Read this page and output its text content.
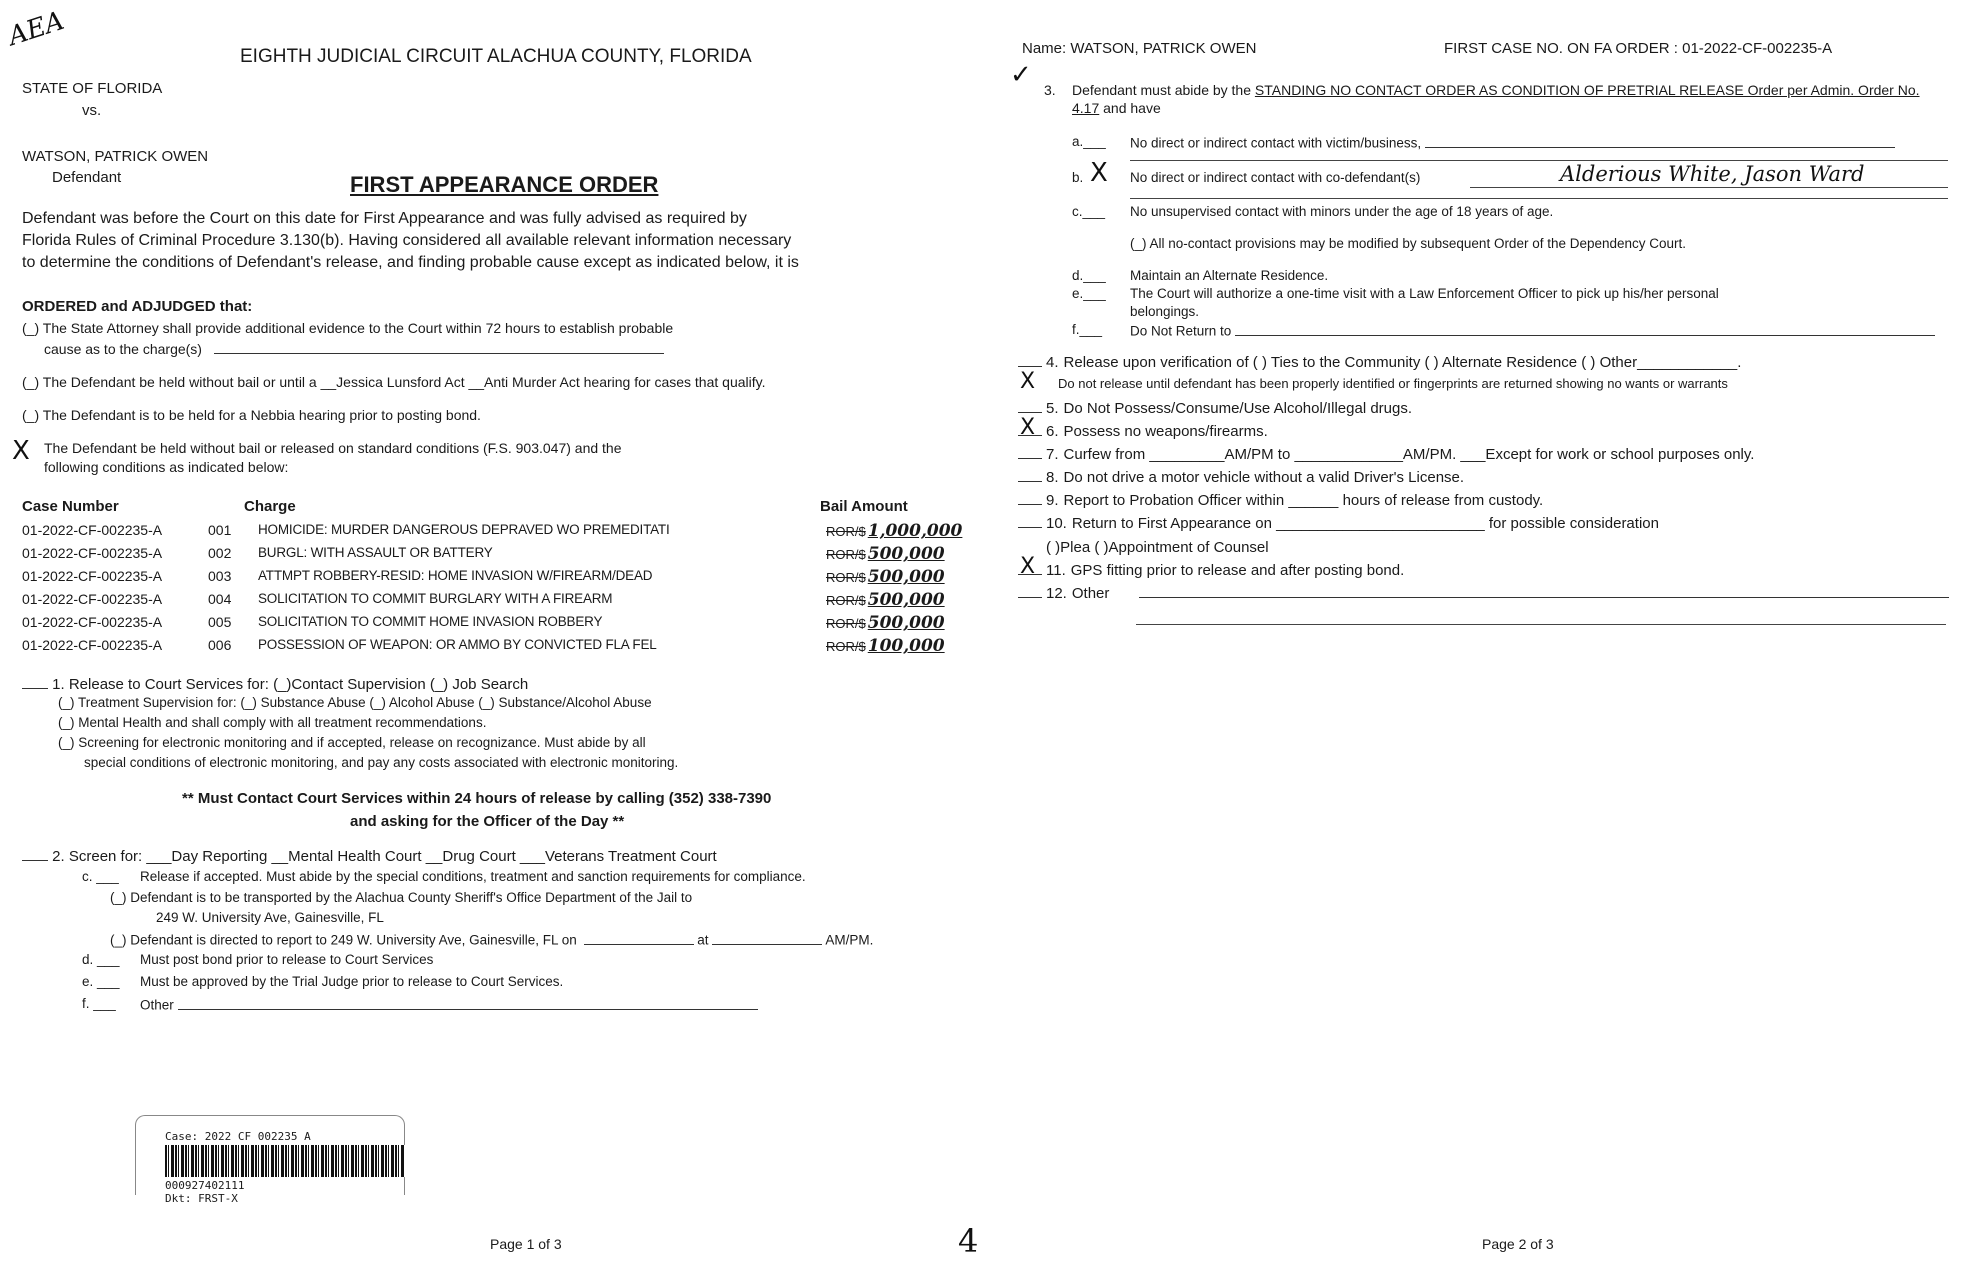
AEA
EIGHTH JUDICIAL CIRCUIT ALACHUA COUNTY, FLORIDA
STATE OF FLORIDA
vs.
WATSON, PATRICK OWEN
Defendant	FIRST APPEARANCE ORDER
Defendant was before the Court on this date for First Appearance and was fully advised as required by
Florida Rules of Criminal Procedure 3.130(b). Having considered all available relevant information necessary
to determine the conditions of Defendant's release, and finding probable cause except as indicated below, it is
ORDERED and ADJUDGED that:
(_) The State Attorney shall provide additional evidence to the Court within 72 hours to establish probable
cause as to the charge(s)
(_) The Defendant be held without bail or until a __Jessica Lunsford Act __Anti Murder Act hearing for cases that qualify.
(_) The Defendant is to be held for a Nebbia hearing prior to posting bond.
X The Defendant be held without bail or released on standard conditions (F.S. 903.047) and the
following conditions as indicated below:
Case Number	Charge	Bail Amount
01-2022-CF-002235-A	001 HOMICIDE: MURDER DANGEROUS DEPRAVED WO PREMEDITATI	ROR/$ 1,000,000
01-2022-CF-002235-A	002 BURGL: WITH ASSAULT OR BATTERY	ROR/$ 500,000
01-2022-CF-002235-A	003 ATTMPT ROBBERY-RESID: HOME INVASION W/FIREARM/DEAD	ROR/$ 500,000
01-2022-CF-002235-A	004 SOLICITATION TO COMMIT BURGLARY WITH A FIREARM	ROR/$ 500,000
01-2022-CF-002235-A	005 SOLICITATION TO COMMIT HOME INVASION ROBBERY	ROR/$ 500,000
01-2022-CF-002235-A	006 POSSESSION OF WEAPON: OR AMMO BY CONVICTED FLA FEL	ROR/$ 100,000
1. Release to Court Services for: (_)Contact Supervision (_) Job Search
(_) Treatment Supervision for: (_) Substance Abuse (_) Alcohol Abuse (_) Substance/Alcohol Abuse
(_) Mental Health and shall comply with all treatment recommendations.
(_) Screening for electronic monitoring and if accepted, release on recognizance. Must abide by all
special conditions of electronic monitoring, and pay any costs associated with electronic monitoring.
** Must Contact Court Services within 24 hours of release by calling (352) 338-7390
and asking for the Officer of the Day **
2. Screen for: ___Day Reporting __Mental Health Court __Drug Court ___Veterans Treatment Court
c. ___ Release if accepted. Must abide by the special conditions, treatment and sanction requirements for compliance.
(_) Defendant is to be transported by the Alachua County Sheriff's Office Department of the Jail to
249 W. University Ave, Gainesville, FL
(_) Defendant is directed to report to 249 W. University Ave, Gainesville, FL on	at	AM/PM.
d. ___ Must post bond prior to release to Court Services
e. ___ Must be approved by the Trial Judge prior to release to Court Services.
f. ___ Other
Case: 2022 CF 002235 A
000927402111
Dkt: FRST-X
Page 1 of 3	4
Name: WATSON, PATRICK OWEN	FIRST CASE NO. ON FA ORDER : 01-2022-CF-002235-A
✓ 3. Defendant must abide by the STANDING NO CONTACT ORDER AS CONDITION OF PRETRIAL RELEASE Order per Admin. Order No.
4.17 and have
a.___ No direct or indirect contact with victim/business,
b. X No direct or indirect contact with co-defendant(s)	Alderious White, Jason Ward
c.___ No unsupervised contact with minors under the age of 18 years of age.
(_) All no-contact provisions may be modified by subsequent Order of the Dependency Court.
d.___ Maintain an Alternate Residence.
e.___ The Court will authorize a one-time visit with a Law Enforcement Officer to pick up his/her personal
belongings.
f.___ Do Not Return to
4. Release upon verification of ( ) Ties to the Community ( ) Alternate Residence ( ) Other____________.
Do not release until defendant has been properly identified or fingerprints are returned showing no wants or warrants
X
5. Do Not Possess/Consume/Use Alcohol/Illegal drugs.
6. Possess no weapons/firearms.
X
7. Curfew from _________AM/PM to _____________AM/PM. ___Except for work or school purposes only.
8. Do not drive a motor vehicle without a valid Driver's License.
9. Report to Probation Officer within ______ hours of release from custody.
10. Return to First Appearance on _________________________ for possible consideration
( )Plea ( )Appointment of Counsel
11. GPS fitting prior to release and after posting bond.
X
12. Other
Page 2 of 3
